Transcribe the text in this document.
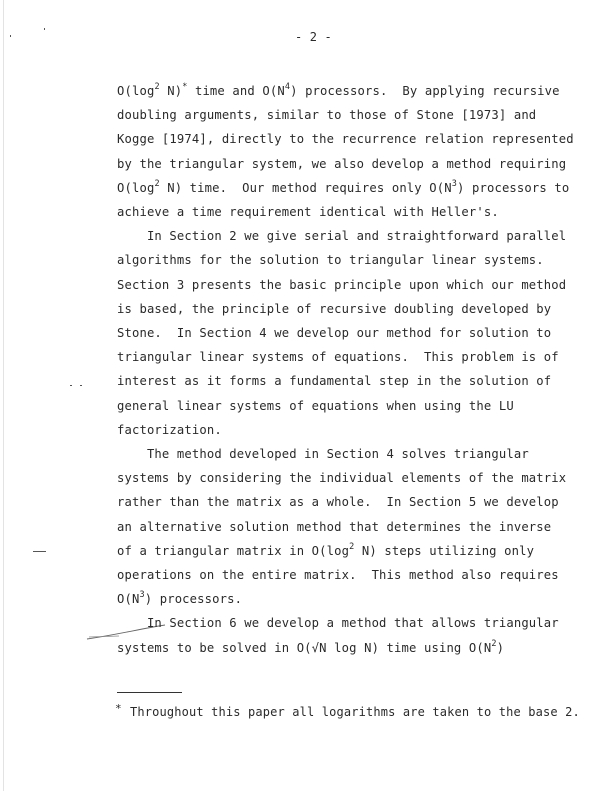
- 2 -
$O(\log^2$ N)* time and $O(N^4)$ processors.  By applying recursive
doubling arguments, similar to those of Stone [1973] and
Kogge [1974], directly to the recurrence relation represented
by the triangular system, we also develop a method requiring
$O(\log^2$ N) time.  Our method requires only $O(N^3)$ processors to
achieve a time requirement identical with Heller's.
In Section 2 we give serial and straightforward parallel
algorithms for the solution to triangular linear systems.
Section 3 presents the basic principle upon which our method
is based, the principle of recursive doubling developed by
Stone.  In Section 4 we develop our method for solution to
triangular linear systems of equations.  This problem is of
interest as it forms a fundamental step in the solution of
general linear systems of equations when using the LU
factorization.
The method developed in Section 4 solves triangular
systems by considering the individual elements of the matrix
rather than the matrix as a whole.  In Section 5 we develop
an alternative solution method that determines the inverse
of a triangular matrix in $O(\log^2$ N) steps utilizing only
operations on the entire matrix.  This method also requires
$O(N^3)$ processors.
In Section 6 we develop a method that allows triangular
systems to be solved in O(√N log N) time using $O(N^2)$
* Throughout this paper all logarithms are taken to the base 2.
